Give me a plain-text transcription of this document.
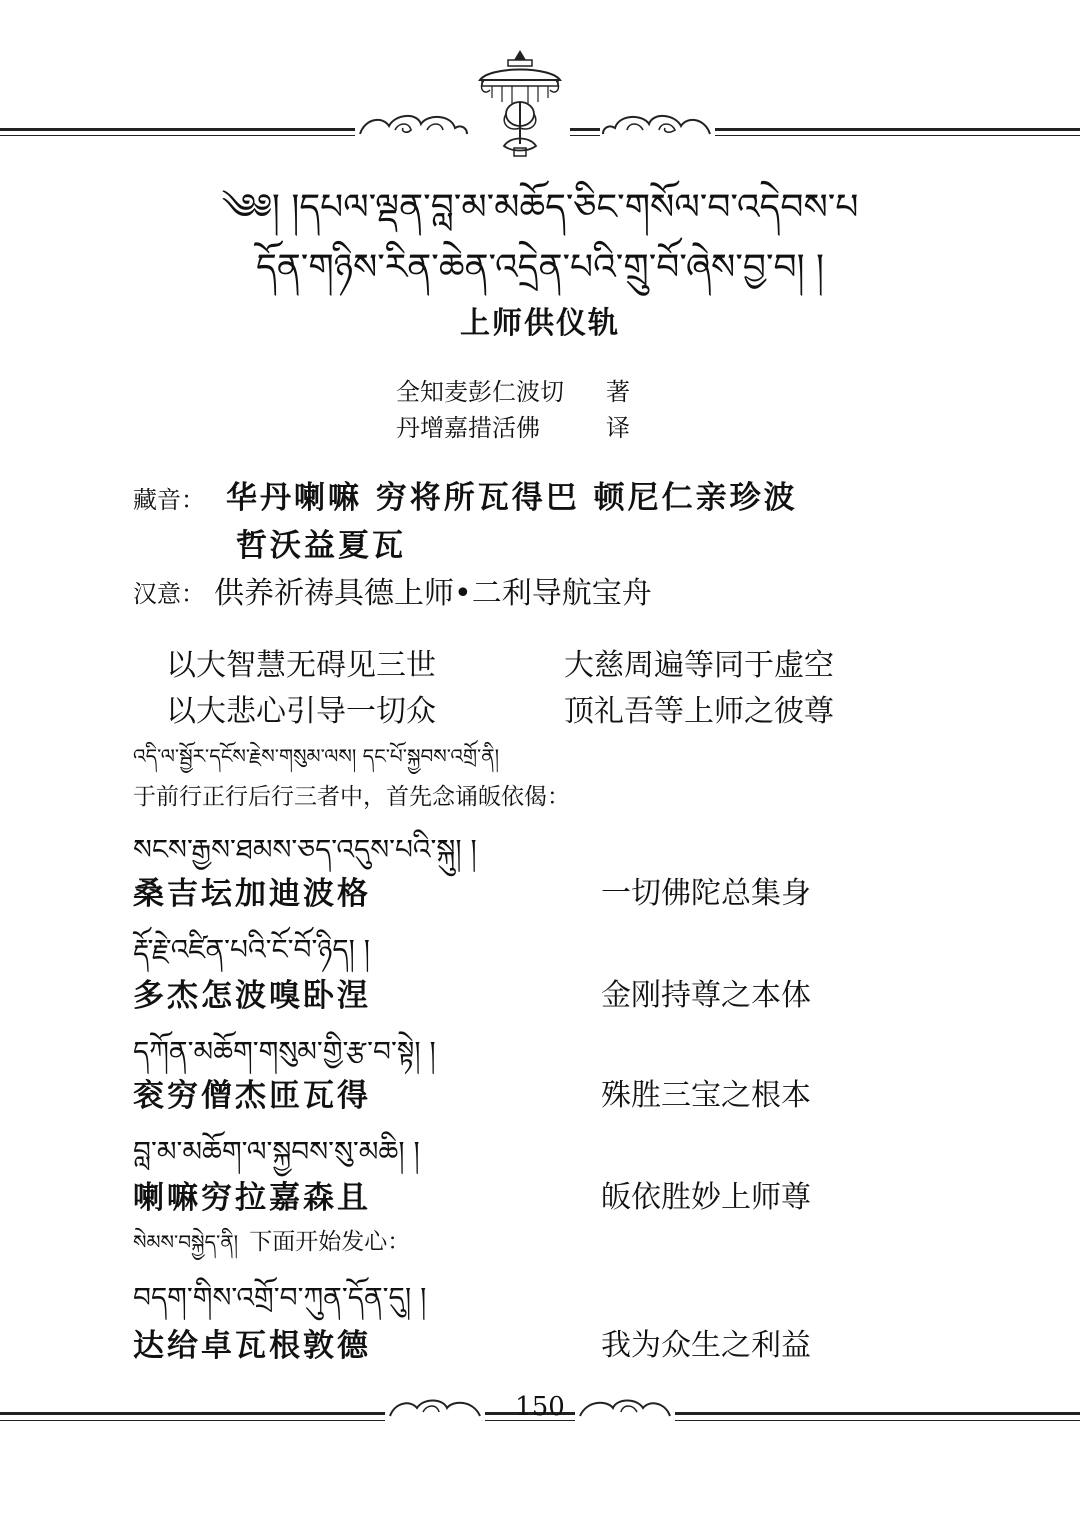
༄༅། །དཔལ་ལྡན་བླ་མ་མཆོད་ཅིང་གསོལ་བ་འདེབས་པ
དོན་གཉིས་རིན་ཆེན་འདྲེན་པའི་གྲུ་བོ་ཞེས་བྱ་བ། །
上师供仪轨
全知麦彭仁波切 著
丹增嘉措活佛	译
藏音： 华丹喇嘛 穷将所瓦得巴 顿尼仁亲珍波
哲沃益夏瓦
汉意： 供养祈祷具德上师•二利导航宝舟
以大智慧无碍见三世	大慈周遍等同于虚空
以大悲心引导一切众	顶礼吾等上师之彼尊
འདི་ལ་སྦྱོར་དངོས་རྗེས་གསུམ་ལས། དང་པོ་སྐྱབས་འགྲོ་ནི།
于前行正行后行三者中，首先念诵皈依偈：
སངས་རྒྱས་ཐམས་ཅད་འདུས་པའི་སྐུ། །
桑吉坛加迪波格	一切佛陀总集身
རྡོ་རྗེ་འཛིན་པའི་ངོ་བོ་ཉིད། །
多杰怎波嗅卧涅	金刚持尊之本体
དཀོན་མཆོག་གསུམ་གྱི་རྩ་བ་སྟེ། །
衮穷僧杰匝瓦得	殊胜三宝之根本
བླ་མ་མཆོག་ལ་སྐྱབས་སུ་མཆི། །
喇嘛穷拉嘉森且	皈依胜妙上师尊
སེམས་བསྐྱེད་ནི། 下面开始发心：
བདག་གིས་འགྲོ་བ་ཀུན་དོན་དུ། །
达给卓瓦根敦德	我为众生之利益
150
